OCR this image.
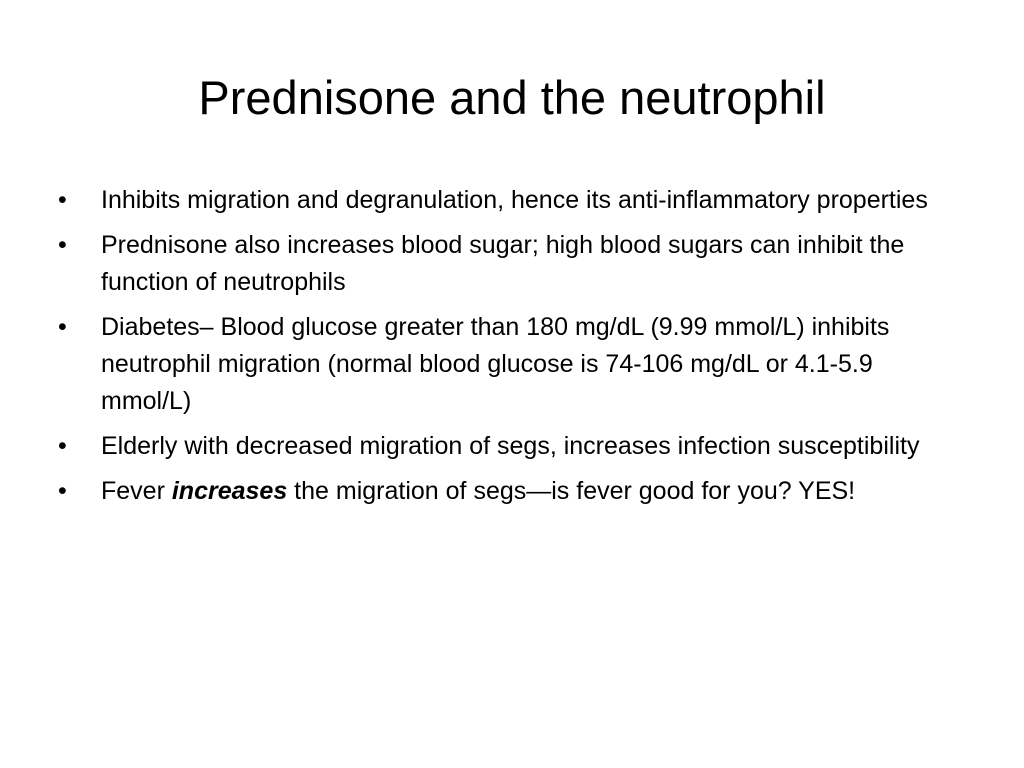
Prednisone and the neutrophil
•	Inhibits migration and degranulation, hence its anti-inflammatory properties
•	Prednisone also increases blood sugar; high blood sugars can inhibit the function of neutrophils
•	Diabetes– Blood glucose greater than 180 mg/dL (9.99 mmol/L) inhibits neutrophil migration (normal blood glucose is 74-106 mg/dL or 4.1-5.9 mmol/L)
•	Elderly with decreased migration of segs, increases infection susceptibility
•	Fever increases the migration of segs—is fever good for you? YES!
